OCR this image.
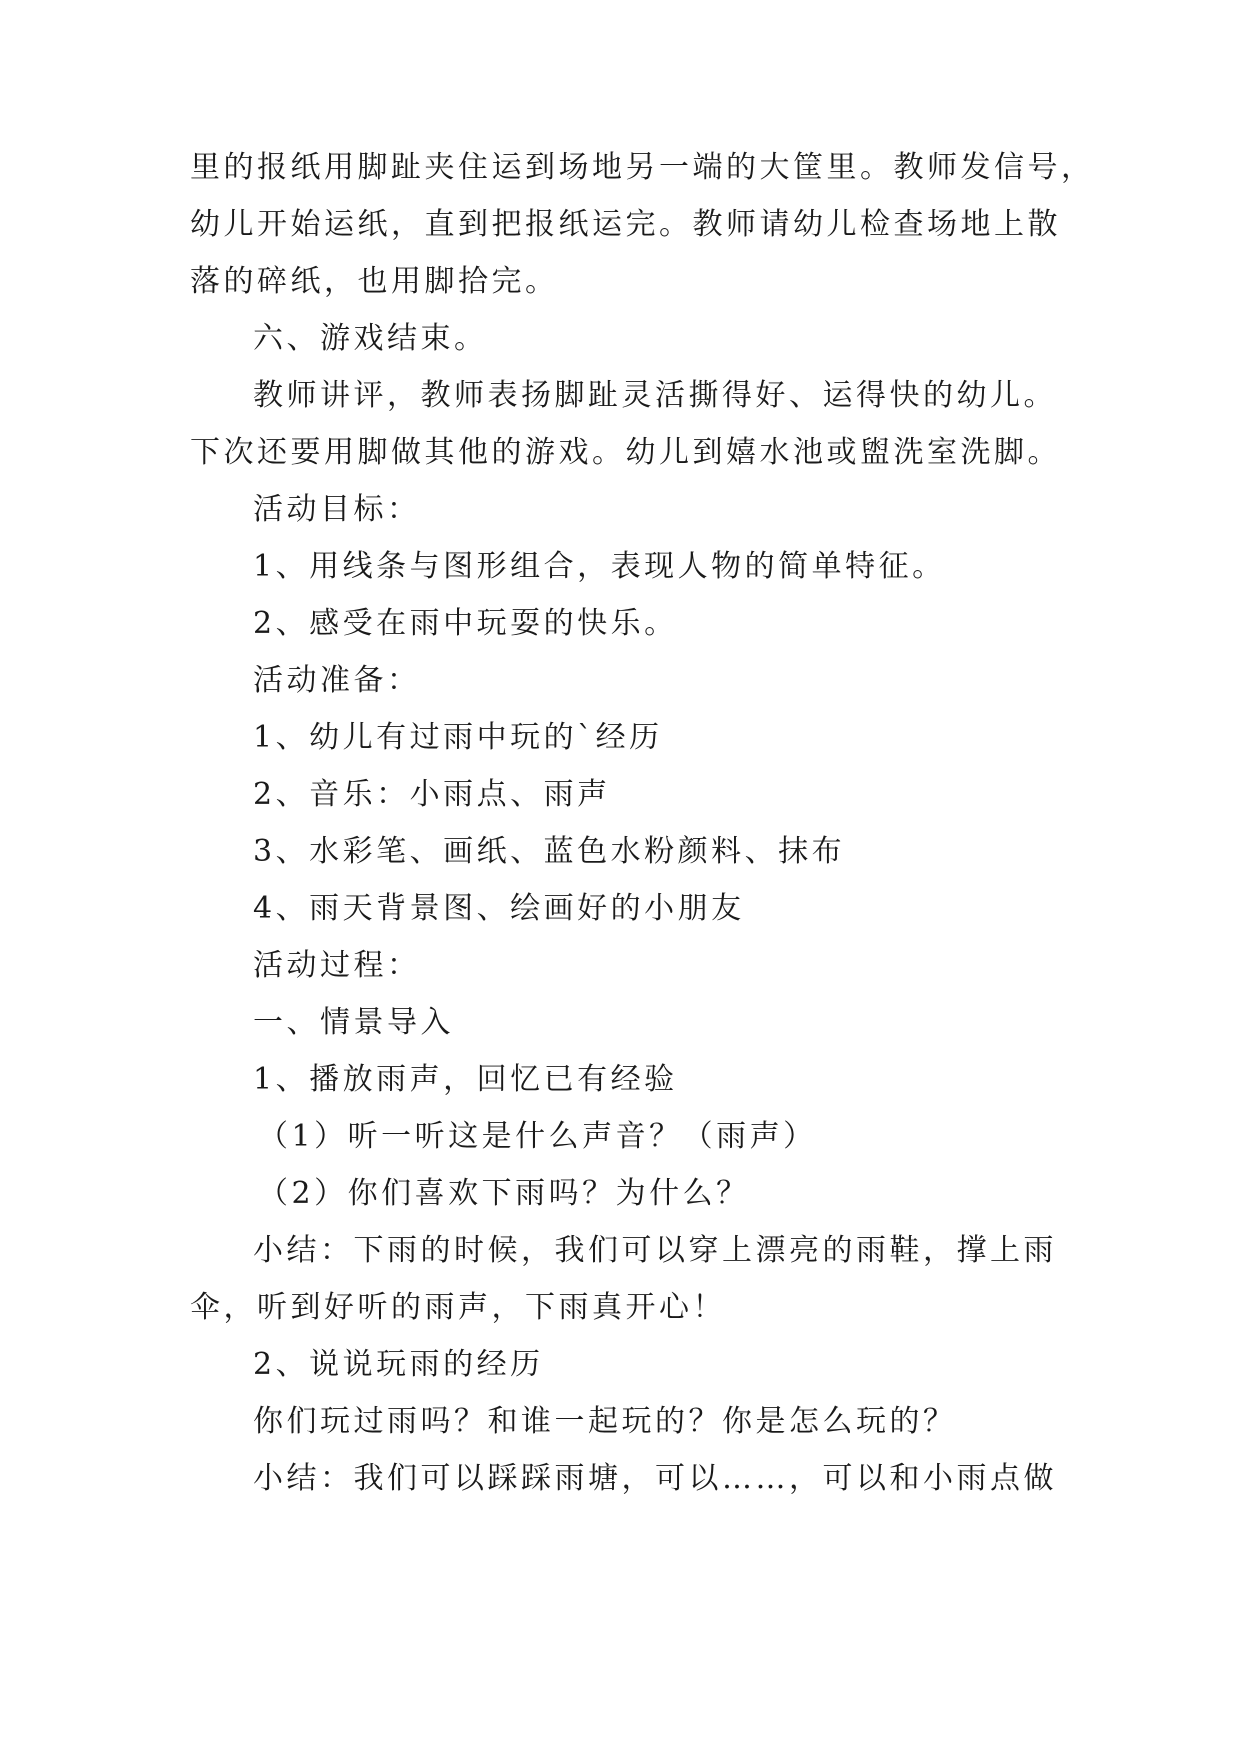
里的报纸用脚趾夹住运到场地另一端的大筐里。教师发信号，
幼儿开始运纸，直到把报纸运完。教师请幼儿检查场地上散
落的碎纸，也用脚拾完。
六、游戏结束。
教师讲评，教师表扬脚趾灵活撕得好、运得快的幼儿。
下次还要用脚做其他的游戏。幼儿到嬉水池或盥洗室洗脚。
活动目标：
1、用线条与图形组合，表现人物的简单特征。
2、感受在雨中玩耍的快乐。
活动准备：
1、幼儿有过雨中玩的`经历
2、音乐：小雨点、雨声
3、水彩笔、画纸、蓝色水粉颜料、抹布
4、雨天背景图、绘画好的小朋友
活动过程：
一、情景导入
1、播放雨声，回忆已有经验
（1）听一听这是什么声音？（雨声）
（2）你们喜欢下雨吗？为什么？
小结：下雨的时候，我们可以穿上漂亮的雨鞋，撑上雨
伞，听到好听的雨声，下雨真开心！
2、说说玩雨的经历
你们玩过雨吗？和谁一起玩的？你是怎么玩的？
小结：我们可以踩踩雨塘，可以……，可以和小雨点做
